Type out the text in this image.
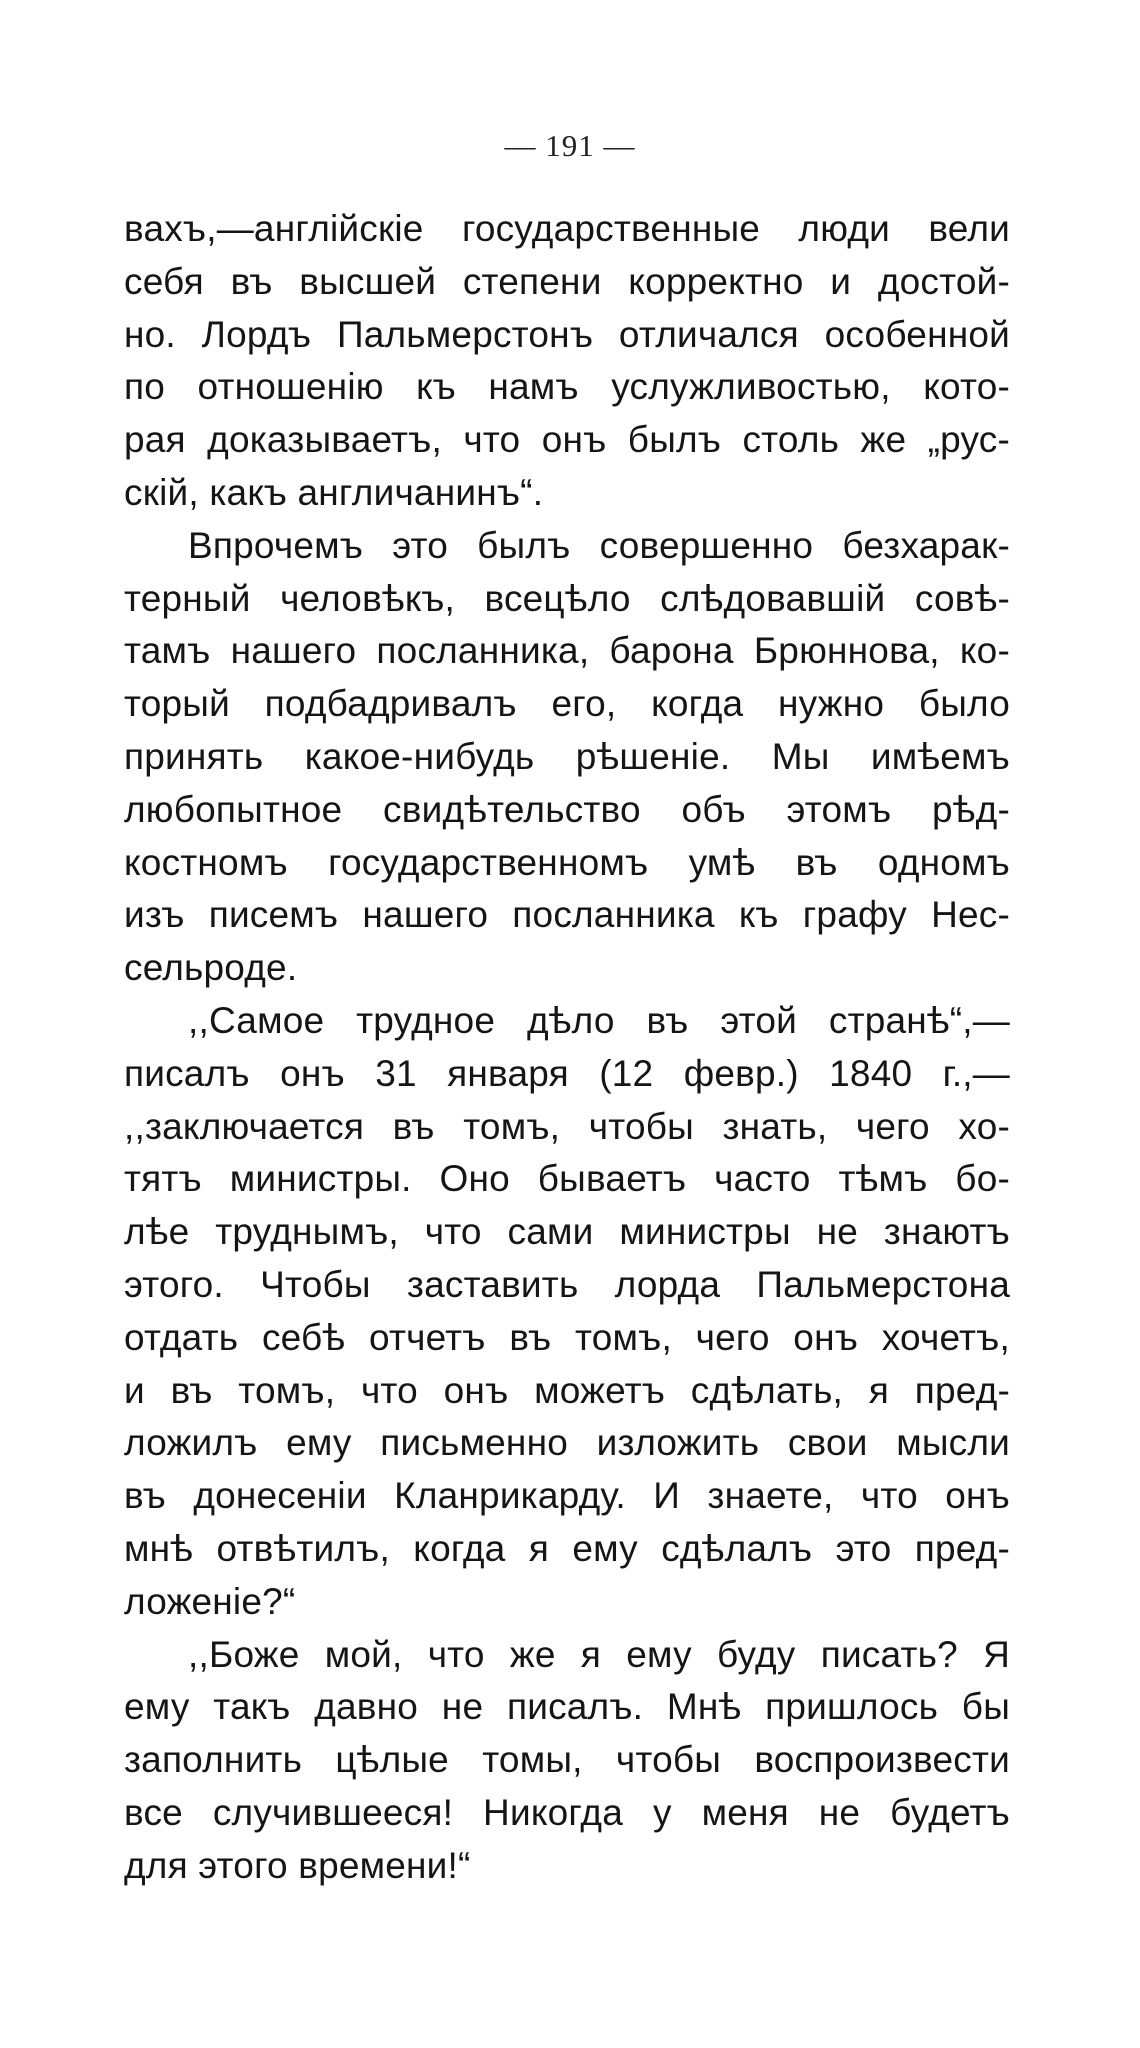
— 191 —
вахъ,—англійскіе государственные люди вели
себя въ высшей степени корректно и достой-
но. Лордъ Пальмерстонъ отличался особенной
по отношенію къ намъ услужливостью, кото-
рая доказываетъ, что онъ былъ столь же „рус-
скій, какъ англичанинъ“.
Впрочемъ это былъ совершенно безхарак-
терный человѣкъ, всецѣло слѣдовавшій совѣ-
тамъ нашего посланника, барона Брюннова, ко-
торый подбадривалъ его, когда нужно было
принять какое-нибудь рѣшеніе. Мы имѣемъ
любопытное свидѣтельство объ этомъ рѣд-
костномъ государственномъ умѣ въ одномъ
изъ писемъ нашего посланника къ графу Нес-
сельроде.
,,Самое трудное дѣло въ этой странѣ“,—
писалъ онъ 31 января (12 февр.) 1840 г.,—
,,заключается въ томъ, чтобы знать, чего хо-
тятъ министры. Оно бываетъ часто тѣмъ бо-
лѣе труднымъ, что сами министры не знаютъ
этого. Чтобы заставить лорда Пальмерстона
отдать себѣ отчетъ въ томъ, чего онъ хочетъ,
и въ томъ, что онъ можетъ сдѣлать, я пред-
ложилъ ему письменно изложить свои мысли
въ донесеніи Кланрикарду. И знаете, что онъ
мнѣ отвѣтилъ, когда я ему сдѣлалъ это пред-
ложеніе?“
,,Боже мой, что же я ему буду писать? Я
ему такъ давно не писалъ. Мнѣ пришлось бы
заполнить цѣлые томы, чтобы воспроизвести
все случившееся! Никогда у меня не будетъ
для этого времени!“
